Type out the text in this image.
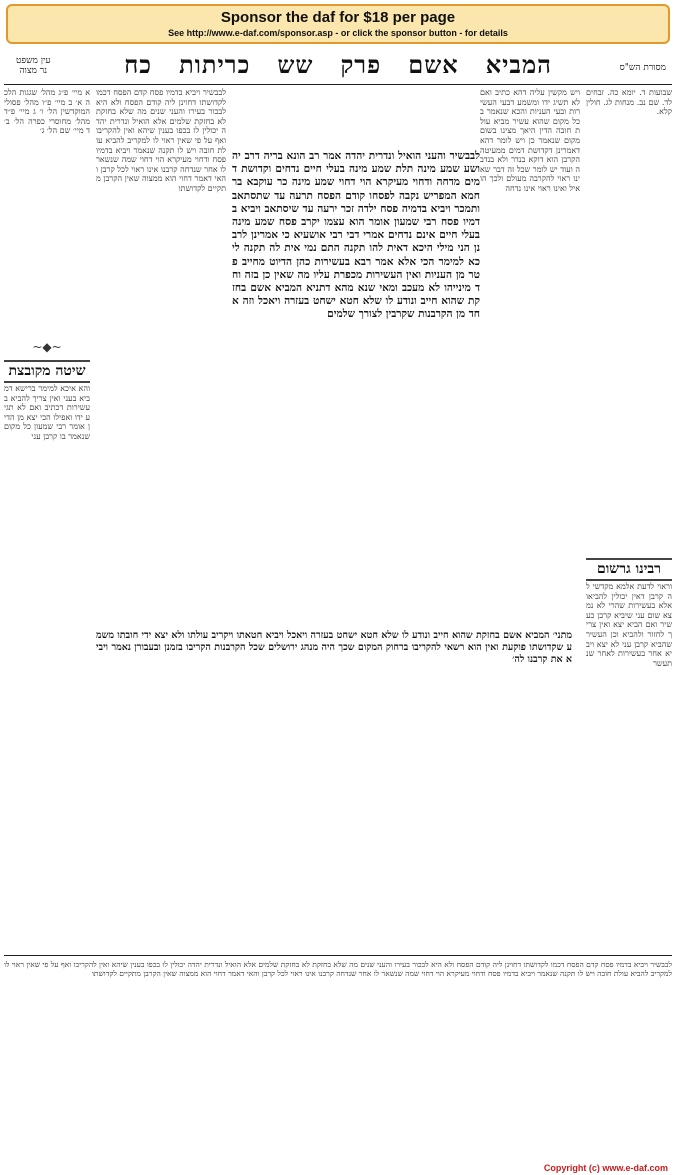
Sponsor the daf for $18 per page
See http://www.e-daf.com/sponsor.asp - or click the sponsor button - for details
מסורת הש"ס
המביא
אשם
פרק
שש
כריתות
כח
עין משפט
נר מצוה
שבועות ד. יומא כה. זבחים לד. שם נב. מנחות לג. חולין קלא.
ויש מקשין עליה דהא כתיב ואם לא תשיג ידו ומשמע דבעי העשירות ובעי העניות והכא שנאמר בכל מקום שהוא עשיר מביא עולת חובה הדין היאך מצינו בשום מקום שנאמר כן ויש לומר דהא דאמרינן דקדושת דמים ממעיטה הקרבן הוא דוקא בנדר ולא בנדבה ועוד יש לומר שכל זה דבר שאינו ראוי להקרבה מעולם ולכך הואיל ואינו ראוי אינו נדחה
רבינו גרשום
וראוי לדעת אלמא מקדשי לה קרבן דאין יכולין להביאו אלא בעשירות שהרי לא נמצא שום עני שיביא קרבן כעשיר ואם הביא יצא ואין צריך לחזור ולהביא וכן העשיר שהביא קרבן עני לא יצא ויביא אחר בעשירות לאחר שנתעשר
לבבשיר והעני הואיל ונדרית יהדה אמר רב הונא בריה דרב יהושע שמע מינה תלת שמע מינה בעלי חיים נדחים וקדושת דמים מדחה ודחוי מעיקרא הוי דחוי שמע מינה כר עוקבא בר חמא המפריש נקבה לפסחו קודם הפסח תרעה עד שתסתאב ותמכר ויביא בדמיה פסח ילדה זכר ירעה עד שיסתאב ויביא בדמיו פסח רבי שמעון אומר הוא עצמו יקרב פסח שמע מינה בעלי חיים אינם נדחים אמרי דבי רבי אושעיא כי אמרינן לרבנן הני מילי היכא דאית להו תקנה התם נמי אית לה תקנה ליכא למימר הכי אלא אמר רבא בעשירות כהן הדיוט מחייב פטר מן העניות ואין העשירות מכפרת עליו מה שאין כן בזה וחד מינייהו לא מעכב ומאי שנא מהא דתניא המביא אשם בחזקת שהוא חייב ונודע לו שלא חטא ישחט בעזרה ויאכל וזה אחד מן הקרבנות שקרבין לצורך שלמים
לבבשיר ויביא בדמיו פסח קדם הפסח דכמו לקדושתו דחוינן ליה קודם הפסח ולא היא לבכור בעירו והעני שנים מה שלא בחזקת לא בחזקת שלמים אלא הואיל ונדרית יהדה יכולין לו בכפו בענין שיהא ואין להקריבו ואף על פי שאין ראוי לו למקריב להביא עולת חובה ויש לו תקנה שנאמר ויביא בדמיו פסח ודחוי מעיקרא הוי דחוי שמה שנשאר לו אחר שנדחה קרבנו אינו ראוי לכל קרבן והאי דאמר דחוי הוא ממצוה שאין הקרבן מתקיים לקדושתו
א מיי׳ פ״ג מהל׳ שגגות הלכה א׳ ב מיי׳ פ״ו מהל׳ פסולי המוקדשין הל׳ ו׳ ג מיי׳ פ״ד מהל׳ מחוסרי כפרה הל׳ ב׳ ד מיי׳ שם הל׳ ג׳
~◆~
שיטה מקובצת
והא איכא למימר ברישא דמביא בעני ואין צריך להביא בעשירות דכתיב ואם לא תגיע ידו ואפילו הכי יצא מן הדין אומר רבי שמעון כל מקום שנאמר בו קרבן עני
מתני׳ המביא אשם בחזקת שהוא חייב ונודע לו שלא חטא ישחט בעזרה ויאכל ויביא חטאתו ויקריב עולתו ולא יצא ידי חובתו משמע שקדושתו פוקעת ואין הוא רשאי להקריבו ברחוק המקום שכך היה מנהג ירושלים שכל הקרבנות הקריבו בזמנן ובעבורן נאמר ויביא את קרבנו לה׳
לבבשיר ויביא בדמיו פסח קדם הפסח דכמו לקדושתו דחוינן ליה קודם הפסח ולא היא לבכור בעירו והעני שנים מה שלא בחזקת לא בחזקת שלמים אלא הואיל ונדרית יהדה יכולין לו בכפו בענין שיהא ואין להקריבו ואף על פי שאין ראוי לו למקריב להביא עולת חובה ויש לו תקנה שנאמר ויביא בדמיו פסח ודחוי מעיקרא הוי דחוי שמה שנשאר לו אחר שנדחה קרבנו אינו ראוי לכל קרבן והאי דאמר דחוי הוא ממצוה שאין הקרבן מתקיים לקדושתו
Copyright (c) www.e-daf.com
